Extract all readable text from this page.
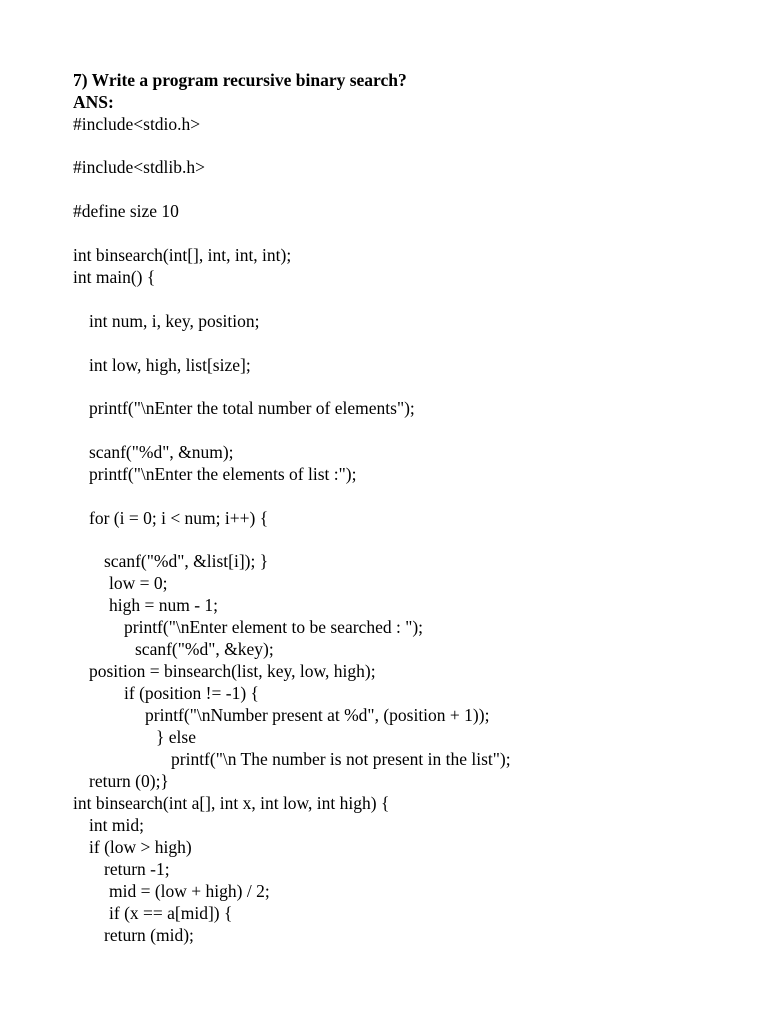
7) Write a program recursive binary search?
ANS:
#include<stdio.h>
#include<stdlib.h>
#define size 10
int binsearch(int[], int, int, int);
int main() {
int num, i, key, position;
int low, high, list[size];
printf("\nEnter the total number of elements");
scanf("%d", &num);
printf("\nEnter the elements of list :");
for (i = 0; i < num; i++) {
scanf("%d", &list[i]); }
low = 0;
high = num - 1;
printf("\nEnter element to be searched : ");
scanf("%d", &key);
position = binsearch(list, key, low, high);
if (position != -1) {
printf("\nNumber present at %d", (position + 1));
} else
printf("\n The number is not present in the list");
return (0);}
int binsearch(int a[], int x, int low, int high) {
int mid;
if (low > high)
return -1;
mid = (low + high) / 2;
if (x == a[mid]) {
return (mid);
